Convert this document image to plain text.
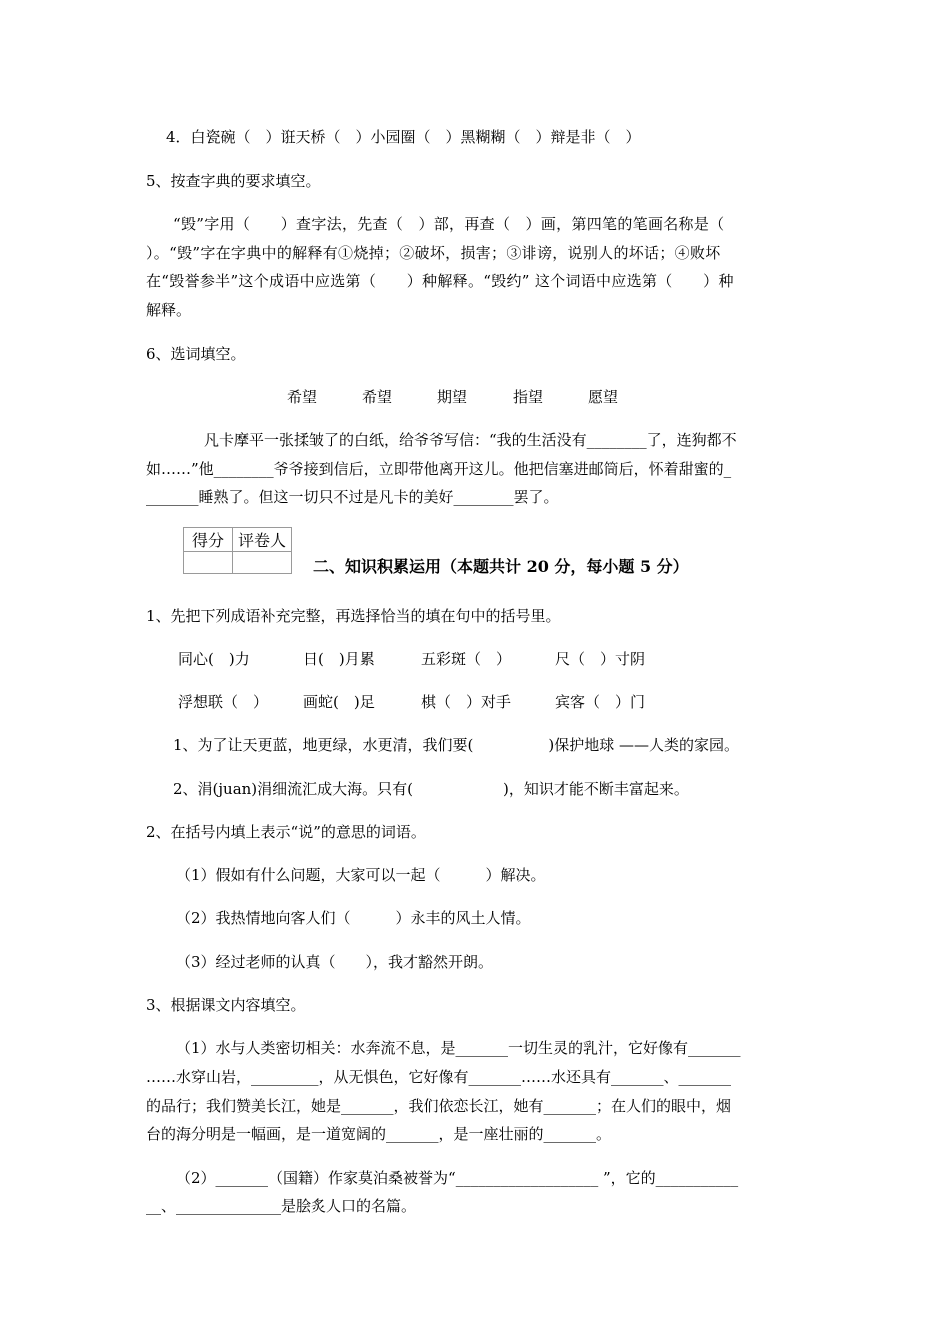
4．白瓷碗（　）诳天桥（　）小园圈（　）黑糊糊（　）辩是非（　）
5、按查字典的要求填空。
“毁”字用（　　）查字法，先查（　）部，再查（　）画，第四笔的笔画名称是（
）。“毁”字在字典中的解释有①烧掉；②破坏，损害；③诽谤，说别人的坏话；④败坏
在“毁誉参半”这个成语中应选第（　　）种解释。“毁约” 这个词语中应选第（　　）种
解释。
6、选词填空。

希望

	希望

	期望

	指望

	愿望

凡卡摩平一张揉皱了的白纸，给爷爷写信：“我的生活没有________了，连狗都不
如……”他________爷爷接到信后，立即带他离开这儿。他把信塞进邮筒后，怀着甜蜜的_
_______睡熟了。但这一切只不过是凡卡的美好________罢了。
得分	评卷人

二、知识积累运用（本题共计 20 分，每小题 5 分）
1、先把下列成语补充完整，再选择恰当的填在句中的括号里。
同心(　)力	日(　)月累	五彩斑（　）	尺（　）寸阴
浮想联（　） 画蛇(　)足	棋（　）对手	宾客（　）门
1、为了让天更蓝，地更绿，水更清，我们要(　　　　　)保护地球 ——人类的家园。
2、涓(juan)涓细流汇成大海。只有(　　　　　　)，知识才能不断丰富起来。
2、在括号内填上表示“说”的意思的词语。
（1）假如有什么问题，大家可以一起（　　　）解决。
（2）我热情地向客人们（　　　）永丰的风土人情。
（3）经过老师的认真（　　），我才豁然开朗。
3、根据课文内容填空。
（1）水与人类密切相关：水奔流不息，是_______一切生灵的乳汁，它好像有_______
……水穿山岩，_________，从无惧色，它好像有_______……水还具有_______、_______
的品行；我们赞美长江，她是_______，我们依恋长江，她有_______；在人们的眼中，烟
台的海分明是一幅画，是一道宽阔的_______，是一座壮丽的_______。
（2）_______（国籍）作家莫泊桑被誉为“___________________ ”，它的___________
__、______________是脍炙人口的名篇。
